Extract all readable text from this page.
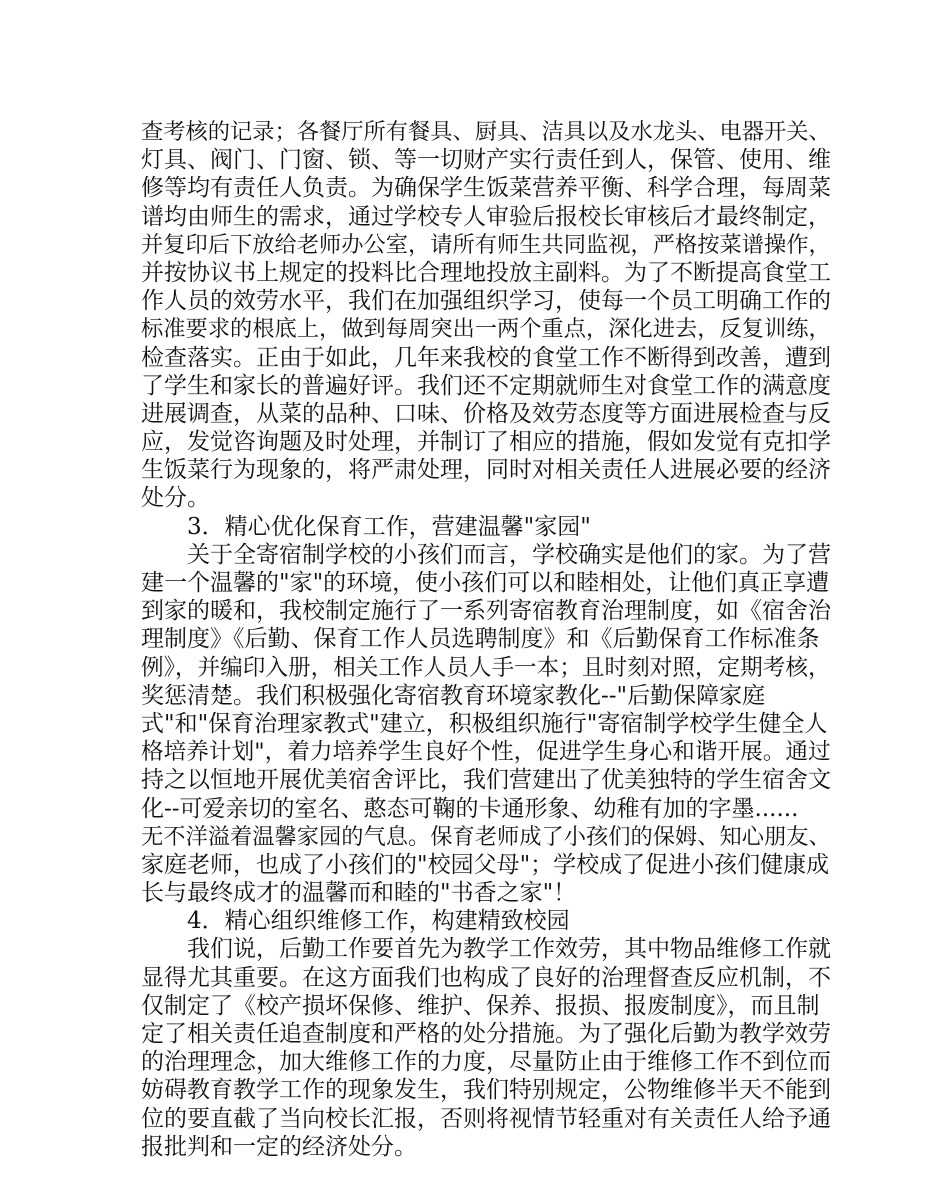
查考核的记录；各餐厅所有餐具、厨具、洁具以及水龙头、电器开关、
灯具、阀门、门窗、锁、等一切财产实行责任到人，保管、使用、维
修等均有责任人负责。为确保学生饭菜营养平衡、科学合理，每周菜
谱均由师生的需求，通过学校专人审验后报校长审核后才最终制定，
并复印后下放给老师办公室，请所有师生共同监视，严格按菜谱操作，
并按协议书上规定的投料比合理地投放主副料。为了不断提高食堂工
作人员的效劳水平，我们在加强组织学习，使每一个员工明确工作的
标准要求的根底上，做到每周突出一两个重点，深化进去，反复训练，
检查落实。正由于如此，几年来我校的食堂工作不断得到改善，遭到
了学生和家长的普遍好评。我们还不定期就师生对食堂工作的满意度
进展调查，从菜的品种、口味、价格及效劳态度等方面进展检查与反
应，发觉咨询题及时处理，并制订了相应的措施，假如发觉有克扣学
生饭菜行为现象的，将严肃处理，同时对相关责任人进展必要的经济
处分。
3．精心优化保育工作，营建温馨"家园"
关于全寄宿制学校的小孩们而言，学校确实是他们的家。为了营
建一个温馨的"家"的环境，使小孩们可以和睦相处，让他们真正享遭
到家的暖和，我校制定施行了一系列寄宿教育治理制度，如《宿舍治
理制度》《后勤、保育工作人员选聘制度》和《后勤保育工作标准条
例》，并编印入册，相关工作人员人手一本；且时刻对照，定期考核，
奖惩清楚。我们积极强化寄宿教育环境家教化--"后勤保障家庭
式"和"保育治理家教式"建立，积极组织施行"寄宿制学校学生健全人
格培养计划"，着力培养学生良好个性，促进学生身心和谐开展。通过
持之以恒地开展优美宿舍评比，我们营建出了优美独特的学生宿舍文
化--可爱亲切的室名、憨态可鞠的卡通形象、幼稚有加的字墨......
无不洋溢着温馨家园的气息。保育老师成了小孩们的保姆、知心朋友、
家庭老师，也成了小孩们的"校园父母"；学校成了促进小孩们健康成
长与最终成才的温馨而和睦的"书香之家"！
4．精心组织维修工作，构建精致校园
我们说，后勤工作要首先为教学工作效劳，其中物品维修工作就
显得尤其重要。在这方面我们也构成了良好的治理督查反应机制，不
仅制定了《校产损坏保修、维护、保养、报损、报废制度》，而且制
定了相关责任追查制度和严格的处分措施。为了强化后勤为教学效劳
的治理理念，加大维修工作的力度，尽量防止由于维修工作不到位而
妨碍教育教学工作的现象发生，我们特别规定，公物维修半天不能到
位的要直截了当向校长汇报，否则将视情节轻重对有关责任人给予通
报批判和一定的经济处分。
